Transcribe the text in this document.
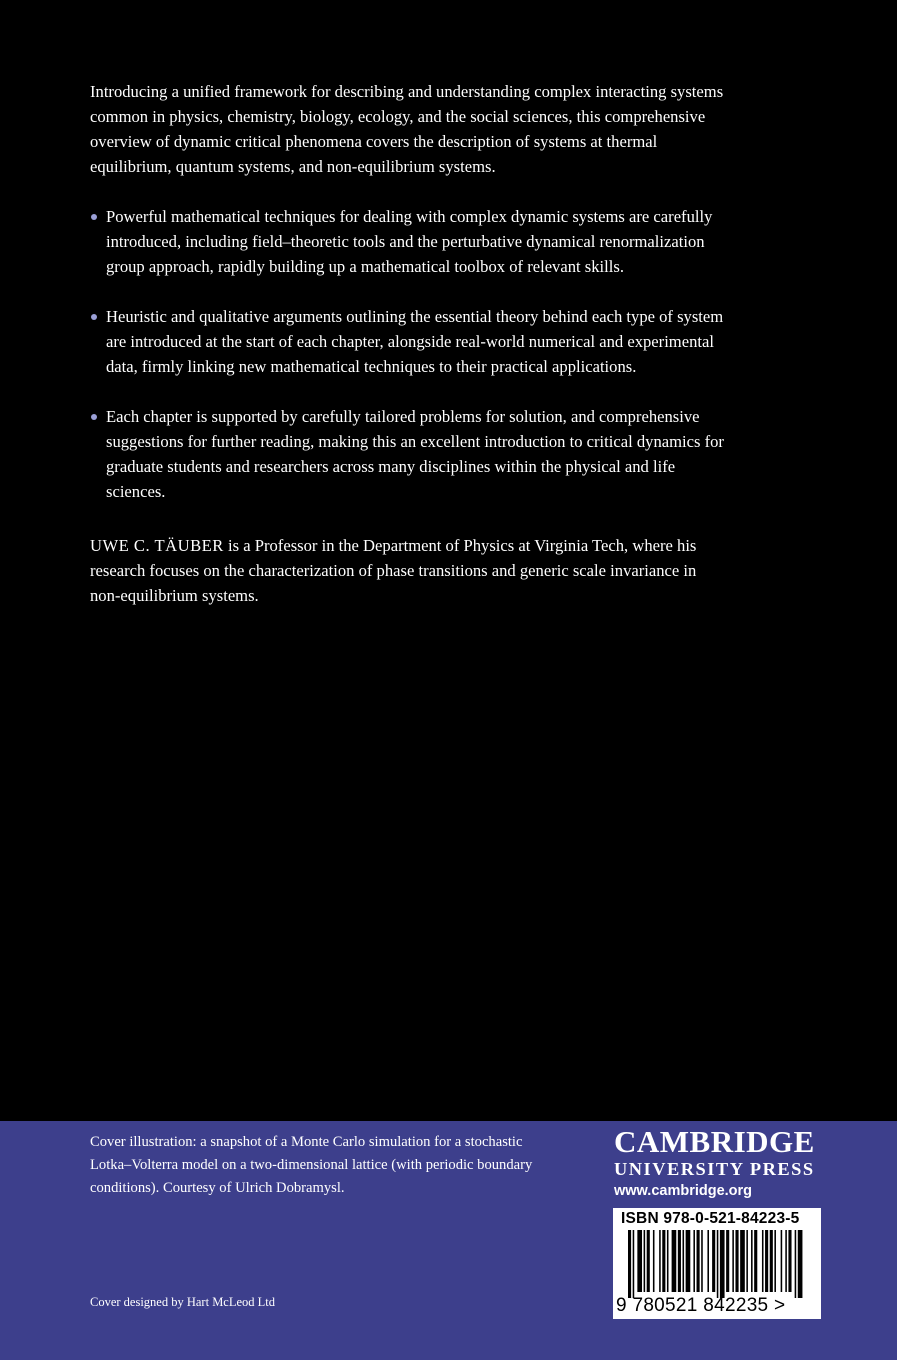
Introducing a unified framework for describing and understanding complex interacting systems common in physics, chemistry, biology, ecology, and the social sciences, this comprehensive overview of dynamic critical phenomena covers the description of systems at thermal equilibrium, quantum systems, and non-equilibrium systems.

Powerful mathematical techniques for dealing with complex dynamic systems are carefully introduced, including field–theoretic tools and the perturbative dynamical renormalization group approach, rapidly building up a mathematical toolbox of relevant skills.
Heuristic and qualitative arguments outlining the essential theory behind each type of system are introduced at the start of each chapter, alongside real-world numerical and experimental data, firmly linking new mathematical techniques to their practical applications.
Each chapter is supported by carefully tailored problems for solution, and comprehensive suggestions for further reading, making this an excellent introduction to critical dynamics for graduate students and researchers across many disciplines within the physical and life sciences.

UWE C. TÄUBER is a Professor in the Department of Physics at Virginia Tech, where his research focuses on the characterization of phase transitions and generic scale invariance in non-equilibrium systems.

Cover illustration: a snapshot of a Monte Carlo simulation for a stochastic Lotka–Volterra model on a two-dimensional lattice (with periodic boundary conditions). Courtesy of Ulrich Dobramysl.
Cover designed by Hart McLeod Ltd
CAMBRIDGE
UNIVERSITY PRESS
www.cambridge.org
ISBN 978-0-521-84223-5
9 780521 842235 >
